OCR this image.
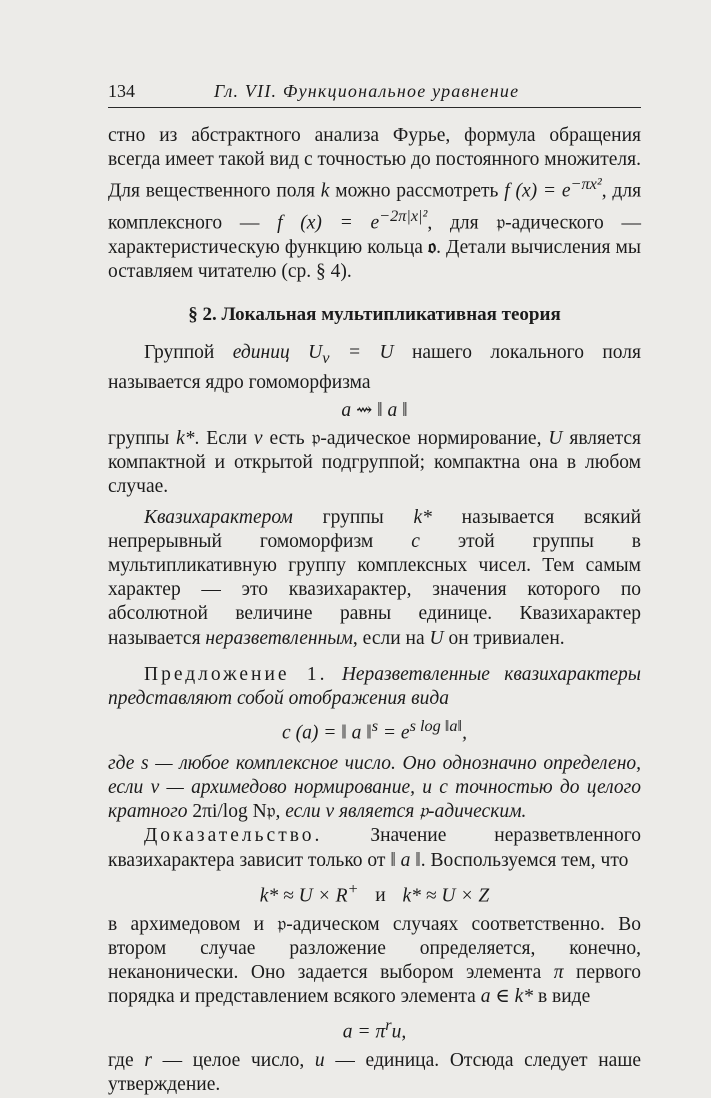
134	Гл. VII. Функциональное уравнение

стно из абстрактного анализа Фурье, формула обращения всегда имеет такой вид с точностью до постоянного множителя. Для вещественного поля k можно рассмотреть f $(x) = e^{-\pi x^2}$, для комплексного — f $(x) = e^{-2\pi|x|^2}$, для 𝔭-адического — характеристическую функцию кольца 𝔬. Детали вычисления мы оставляем читателю (ср. § 4).

§ 2. Локальная мультипликативная теория

Группой единиц $U_v = U$ нашего локального поля называется ядро гомоморфизма

a ⇝ ‖ a ‖

группы k*. Если v есть 𝔭-адическое нормирование, U является компактной и открытой подгруппой; компактна она в любом случае.

Квазихарактером группы k* называется всякий непрерывный гомоморфизм c этой группы в мультипликативную группу комплексных чисел. Тем самым характер — это квазихарактер, значения которого по абсолютной величине равны единице. Квазихарактер называется неразветвленным, если на U он тривиален.

Предложение 1. Неразветвленные квазихарактеры представляют собой отображения вида

c (a) = ‖ a ‖$^s$ = $e^{s log ‖a‖}$,

где s — любое комплексное число. Оно однозначно определено, если v — архимедово нормирование, и с точностью до целого кратного 2πi/log N𝔭, если v является 𝔭-адическим.

Доказательство. Значение неразветвленного квазихарактера зависит только от ‖ a ‖. Воспользуемся тем, что

k* ≈ U × R+ и k* ≈ U × Z

в архимедовом и 𝔭-адическом случаях соответственно. Во втором случае разложение определяется, конечно, неканонически. Оно задается выбором элемента π первого порядка и представлением всякого элемента a ∈ k* в виде

$a = \pi^ru$,

где r — целое число, u — единица. Отсюда следует наше утверждение.
